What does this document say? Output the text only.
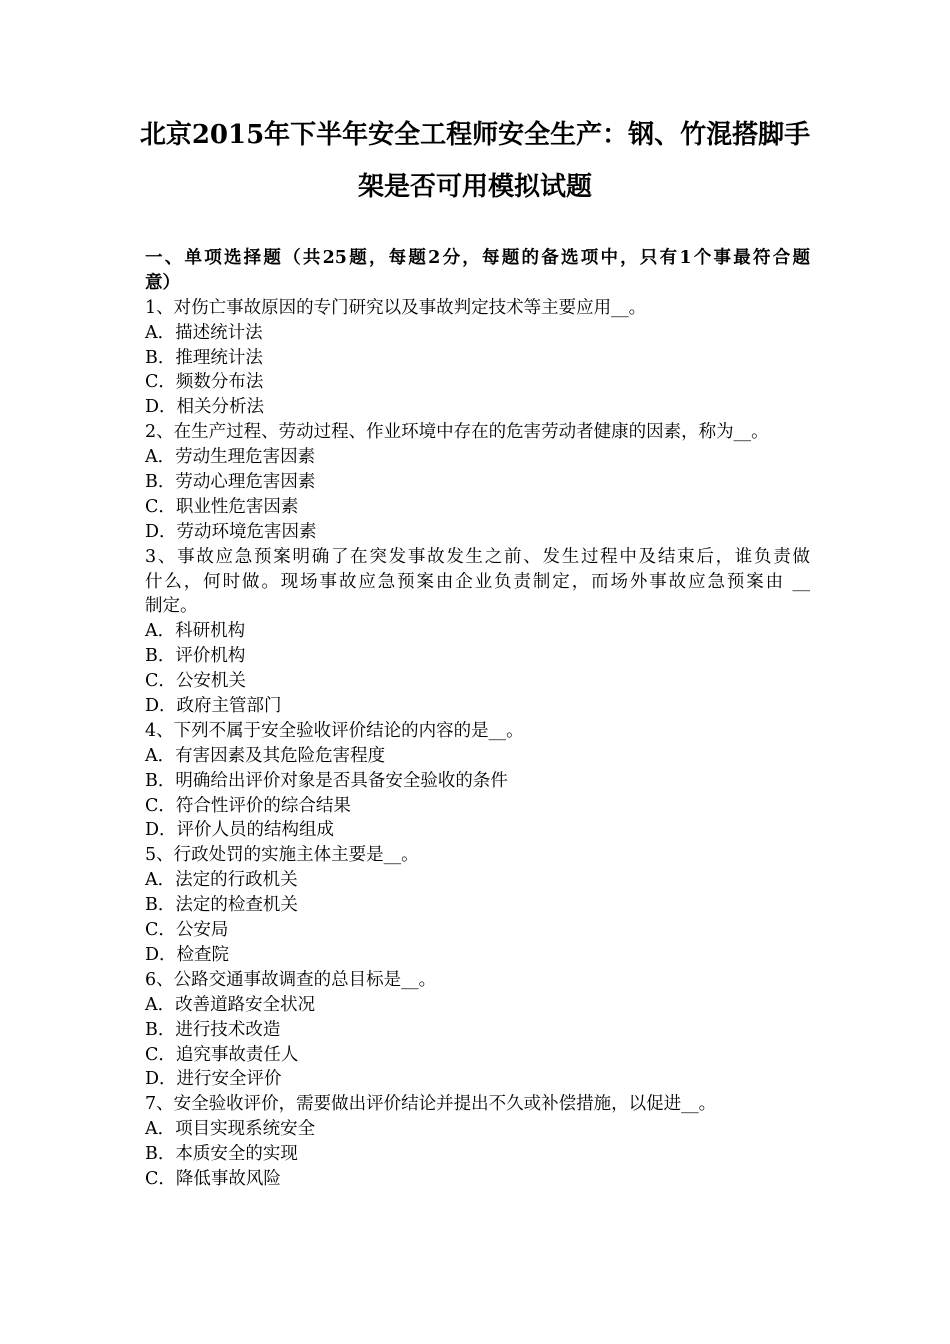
北京2015年下半年安全工程师安全生产：钢、竹混搭脚手
架是否可用模拟试题
一、单项选择题（共25题，每题2分，每题的备选项中，只有1个事最符合题
意）
1、对伤亡事故原因的专门研究以及事故判定技术等主要应用__。
A．描述统计法
B．推理统计法
C．频数分布法
D．相关分析法
2、在生产过程、劳动过程、作业环境中存在的危害劳动者健康的因素，称为__。
A．劳动生理危害因素
B．劳动心理危害因素
C．职业性危害因素
D．劳动环境危害因素
3、事故应急预案明确了在突发事故发生之前、发生过程中及结束后，谁负责做
什么，何时做。现场事故应急预案由企业负责制定，而场外事故应急预案由 __
制定。
A．科研机构
B．评价机构
C．公安机关
D．政府主管部门
4、下列不属于安全验收评价结论的内容的是__。
A．有害因素及其危险危害程度
B．明确给出评价对象是否具备安全验收的条件
C．符合性评价的综合结果
D．评价人员的结构组成
5、行政处罚的实施主体主要是__。
A．法定的行政机关
B．法定的检查机关
C．公安局
D．检查院
6、公路交通事故调查的总目标是__。
A．改善道路安全状况
B．进行技术改造
C．追究事故责任人
D．进行安全评价
7、安全验收评价，需要做出评价结论并提出不久或补偿措施，以促进__。
A．项目实现系统安全
B．本质安全的实现
C．降低事故风险
